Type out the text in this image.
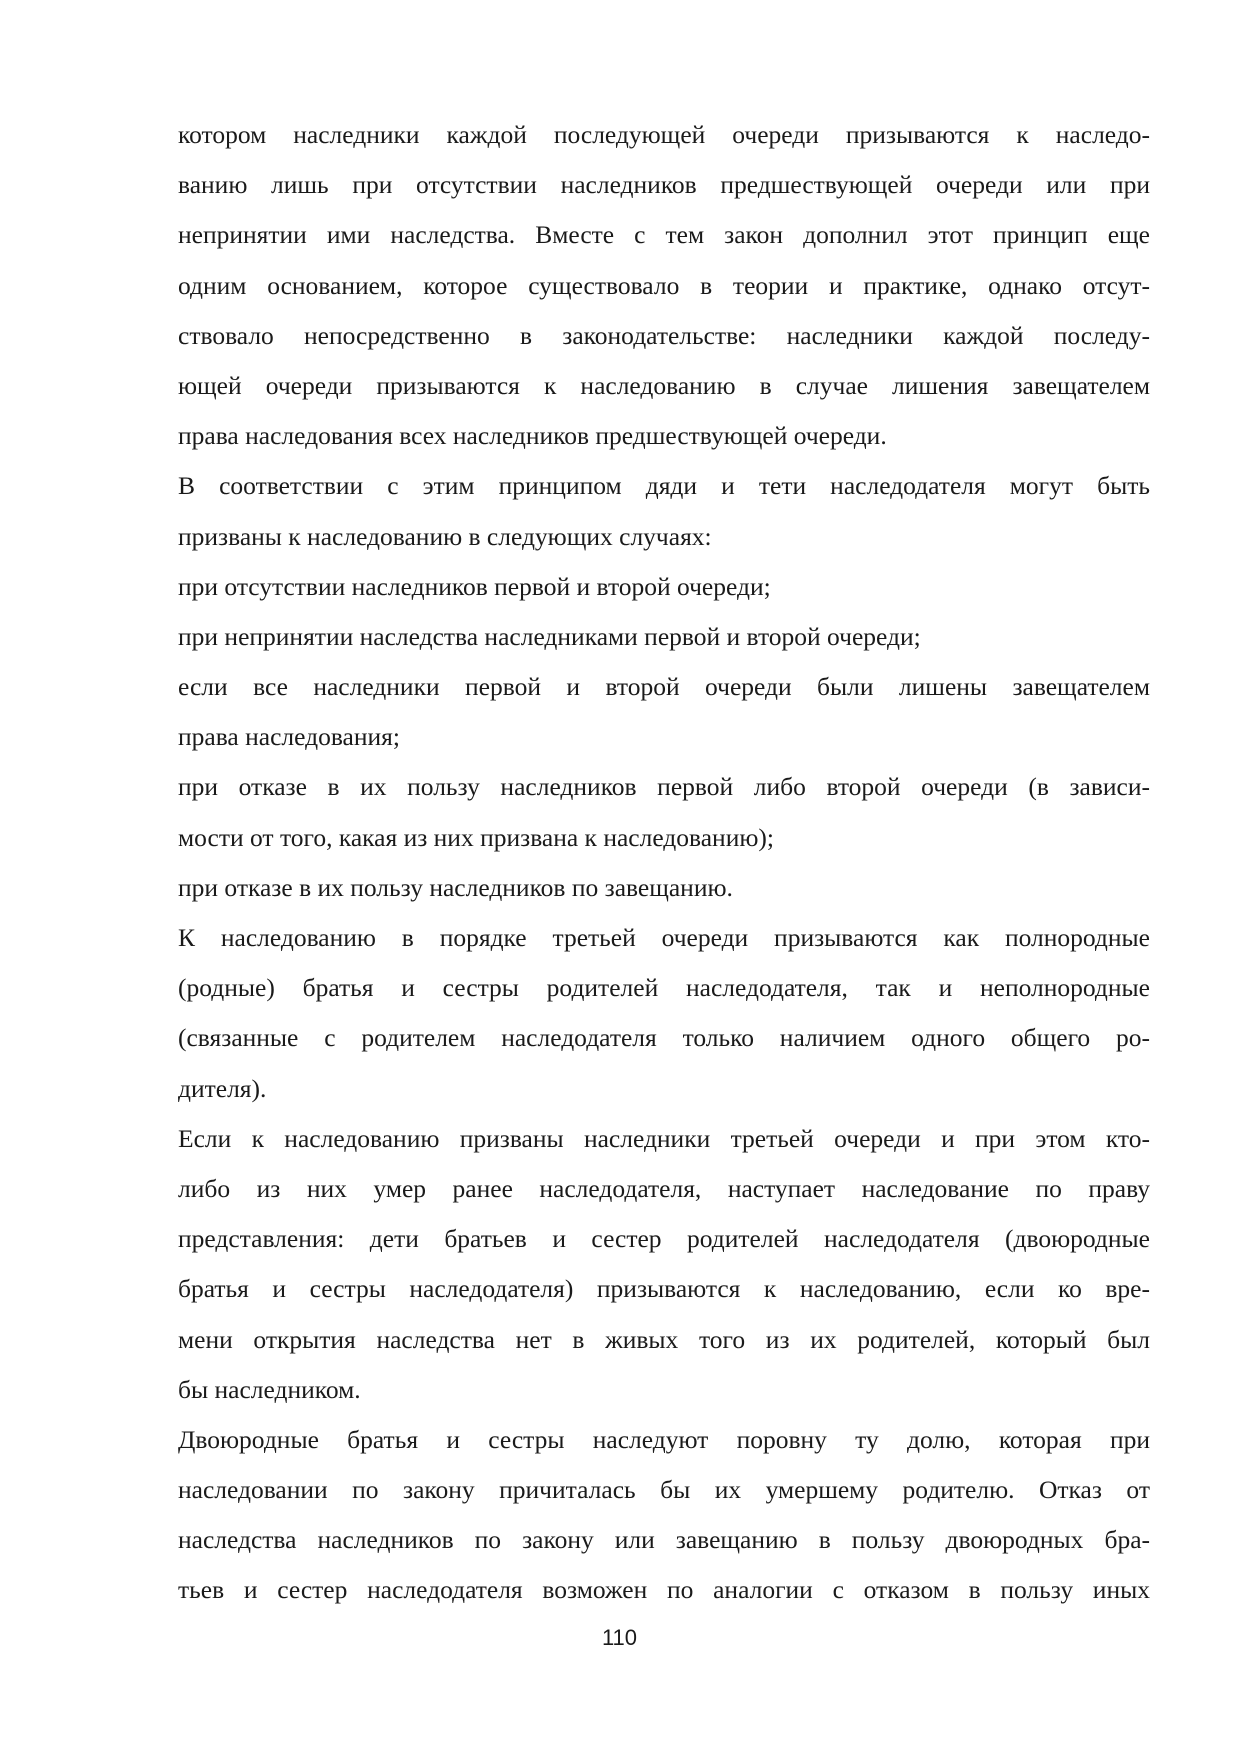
котором наследники каждой последующей очереди призываются к наследо-
ванию лишь при отсутствии наследников предшествующей очереди или при
непринятии ими наследства. Вместе с тем закон дополнил этот принцип еще
одним основанием, которое существовало в теории и практике, однако отсут-
ствовало непосредственно в законодательстве: наследники каждой последу-
ющей очереди призываются к наследованию в случае лишения завещателем
права наследования всех наследников предшествующей очереди.
В соответствии с этим принципом дяди и тети наследодателя могут быть
призваны к наследованию в следующих случаях:
при отсутствии наследников первой и второй очереди;
при непринятии наследства наследниками первой и второй очереди;
если все наследники первой и второй очереди были лишены завещателем
права наследования;
при отказе в их пользу наследников первой либо второй очереди (в зависи-
мости от того, какая из них призвана к наследованию);
при отказе в их пользу наследников по завещанию.
К наследованию в порядке третьей очереди призываются как полнородные
(родные) братья и сестры родителей наследодателя, так и неполнородные
(связанные с родителем наследодателя только наличием одного общего ро-
дителя).
Если к наследованию призваны наследники третьей очереди и при этом кто-
либо из них умер ранее наследодателя, наступает наследование по праву
представления: дети братьев и сестер родителей наследодателя (двоюродные
братья и сестры наследодателя) призываются к наследованию, если ко вре-
мени открытия наследства нет в живых того из их родителей, который был
бы наследником.
Двоюродные братья и сестры наследуют поровну ту долю, которая при
наследовании по закону причиталась бы их умершему родителю. Отказ от
наследства наследников по закону или завещанию в пользу двоюродных бра-
тьев и сестер наследодателя возможен по аналогии с отказом в пользу иных
110
